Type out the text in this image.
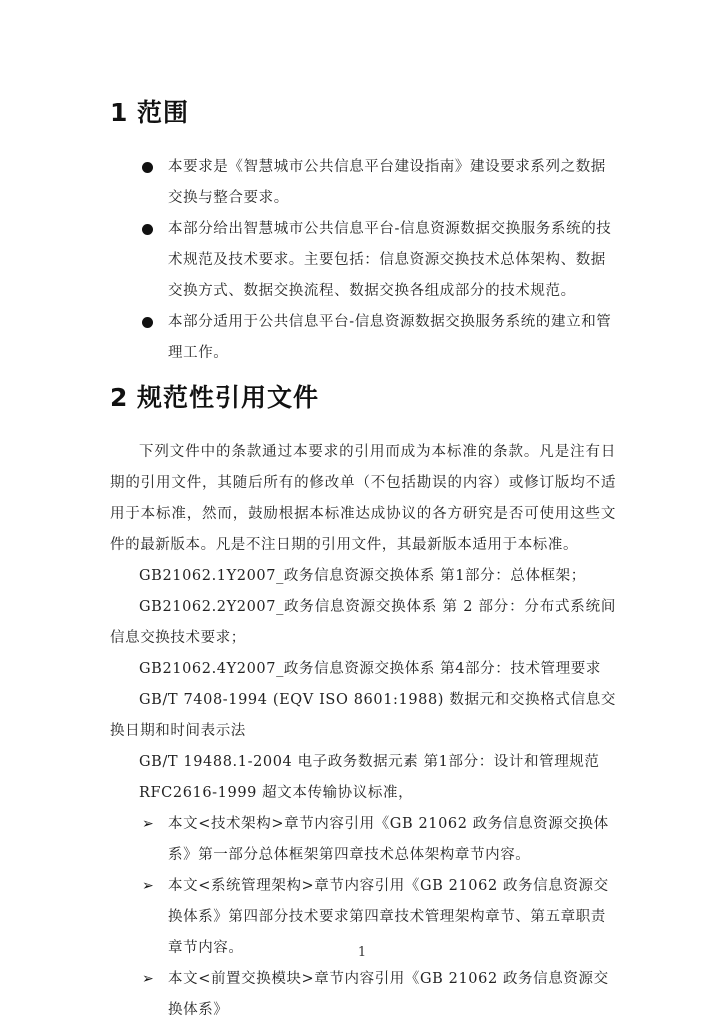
1 范围
本要求是《智慧城市公共信息平台建设指南》建设要求系列之数据交换与整合要求。
本部分给出智慧城市公共信息平台-信息资源数据交换服务系统的技术规范及技术要求。主要包括：信息资源交换技术总体架构、数据交换方式、数据交换流程、数据交换各组成部分的技术规范。
本部分适用于公共信息平台-信息资源数据交换服务系统的建立和管理工作。
2 规范性引用文件

下列文件中的条款通过本要求的引用而成为本标准的条款。凡是注有日期的引用文件，其随后所有的修改单（不包括勘误的内容）或修订版均不适用于本标准，然而，鼓励根据本标准达成协议的各方研究是否可使用这些文件的最新版本。凡是不注日期的引用文件，其最新版本适用于本标准。

GB21062.1Y2007_政务信息资源交换体系 第1部分：总体框架；

GB21062.2Y2007_政务信息资源交换体系 第 2 部分：分布式系统间信息交换技术要求；

GB21062.4Y2007_政务信息资源交换体系 第4部分：技术管理要求

GB/T 7408-1994 (EQV ISO 8601:1988) 数据元和交换格式信息交换日期和时间表示法

GB/T 19488.1-2004 电子政务数据元素 第1部分：设计和管理规范

RFC2616-1999 超文本传输协议标准，

➢ 本文<技术架构>章节内容引用《GB 21062 政务信息资源交换体系》第一部分总体框架第四章技术总体架构章节内容。
➢ 本文<系统管理架构>章节内容引用《GB 21062 政务信息资源交换体系》第四部分技术要求第四章技术管理架构章节、第五章职责章节内容。
➢ 本文<前置交换模块>章节内容引用《GB 21062 政务信息资源交换体系》
1
